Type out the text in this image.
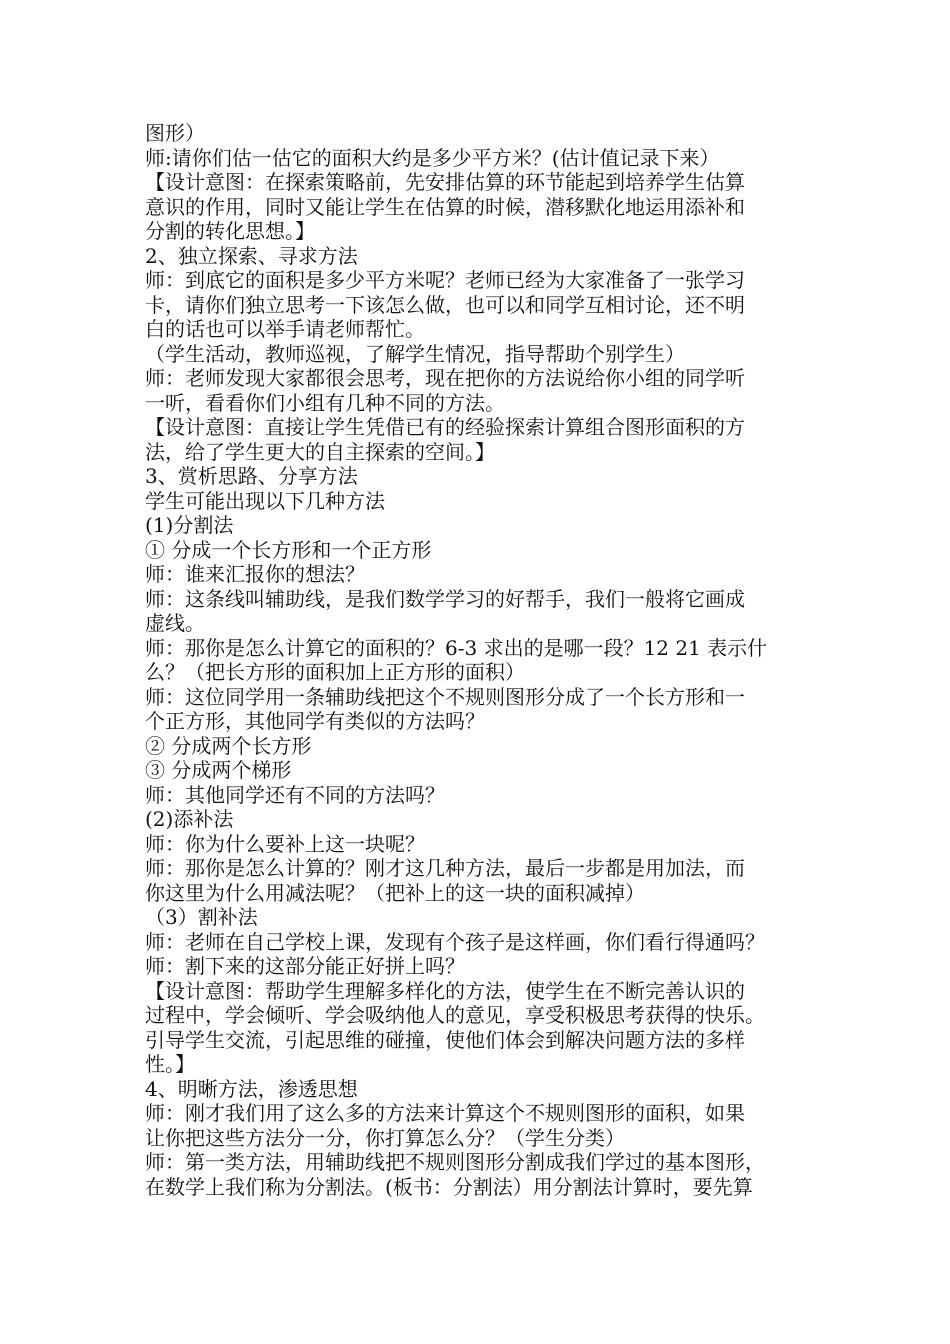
图形）
师:请你们估一估它的面积大约是多少平方米？(估计值记录下来）
【设计意图：在探索策略前，先安排估算的环节能起到培养学生估算
意识的作用，同时又能让学生在估算的时候，潜移默化地运用添补和
分割的转化思想。】
2、独立探索、寻求方法
师：到底它的面积是多少平方米呢？老师已经为大家准备了一张学习
卡，请你们独立思考一下该怎么做，也可以和同学互相讨论，还不明
白的话也可以举手请老师帮忙。
（学生活动，教师巡视，了解学生情况，指导帮助个别学生）
师：老师发现大家都很会思考，现在把你的方法说给你小组的同学听
一听，看看你们小组有几种不同的方法。
【设计意图：直接让学生凭借已有的经验探索计算组合图形面积的方
法，给了学生更大的自主探索的空间。】
3、赏析思路、分享方法
学生可能出现以下几种方法
(1)分割法
① 分成一个长方形和一个正方形
师：谁来汇报你的想法？
师：这条线叫辅助线，是我们数学学习的好帮手，我们一般将它画成
虚线。
师：那你是怎么计算它的面积的？6-3 求出的是哪一段？12 21 表示什
么？（把长方形的面积加上正方形的面积）
师：这位同学用一条辅助线把这个不规则图形分成了一个长方形和一
个正方形，其他同学有类似的方法吗？
② 分成两个长方形
③ 分成两个梯形
师：其他同学还有不同的方法吗？
(2)添补法
师：你为什么要补上这一块呢？
师：那你是怎么计算的？刚才这几种方法，最后一步都是用加法，而
你这里为什么用减法呢？（把补上的这一块的面积减掉）
（3）割补法
师：老师在自己学校上课，发现有个孩子是这样画，你们看行得通吗？
师：割下来的这部分能正好拼上吗？
【设计意图：帮助学生理解多样化的方法，使学生在不断完善认识的
过程中，学会倾听、学会吸纳他人的意见，享受积极思考获得的快乐。
引导学生交流，引起思维的碰撞，使他们体会到解决问题方法的多样
性。】
4、明晰方法，渗透思想
师：刚才我们用了这么多的方法来计算这个不规则图形的面积，如果
让你把这些方法分一分，你打算怎么分？（学生分类）
师：第一类方法，用辅助线把不规则图形分割成我们学过的基本图形，
在数学上我们称为分割法。(板书：分割法）用分割法计算时，要先算
